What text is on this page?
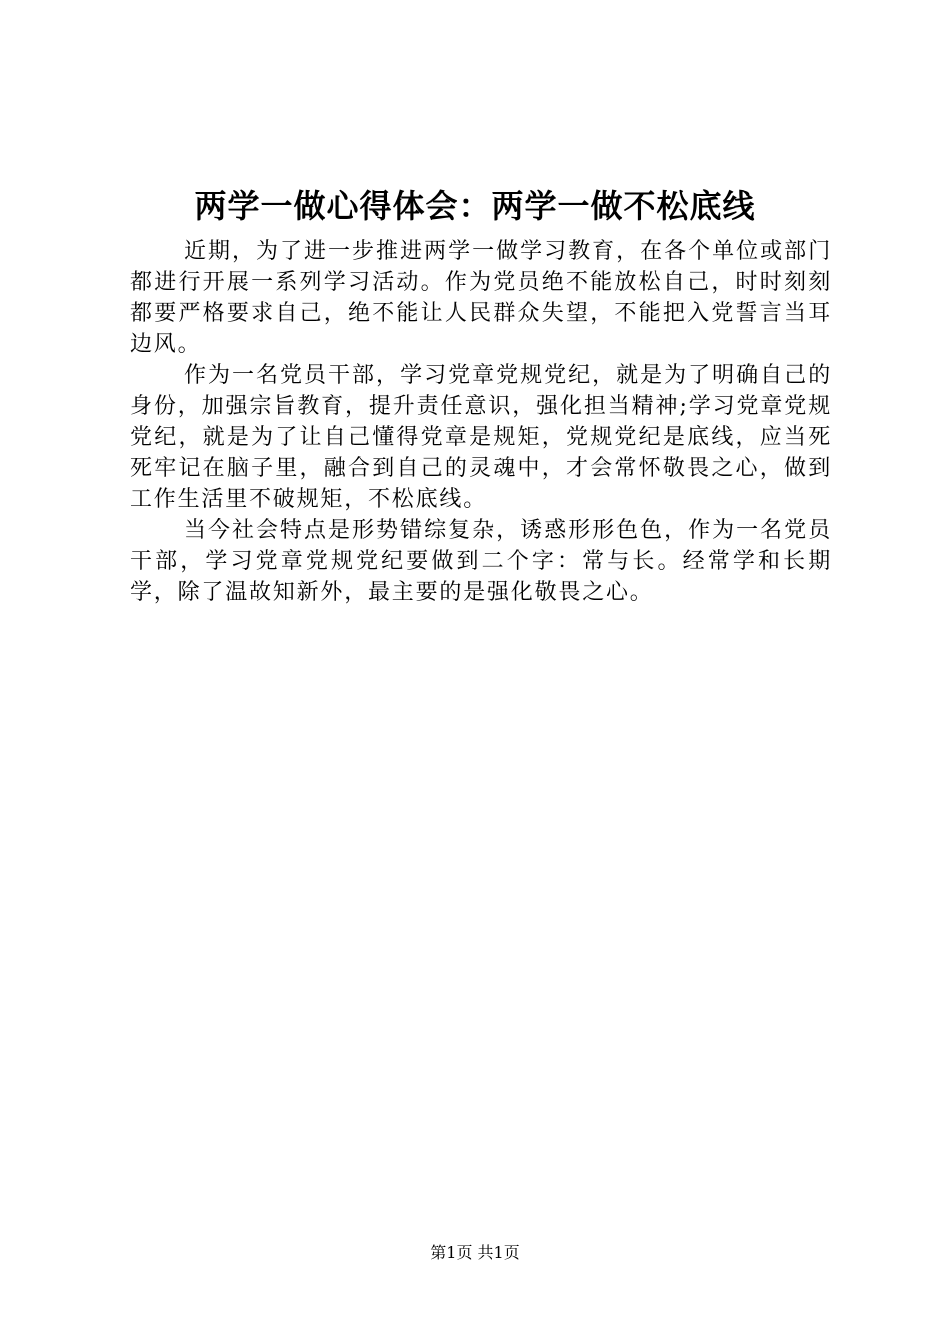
两学一做心得体会：两学一做不松底线

近期，为了进一步推进两学一做学习教育，在各个单位或部门都进行开展一系列学习活动。作为党员绝不能放松自己，时时刻刻都要严格要求自己，绝不能让人民群众失望，不能把入党誓言当耳边风。

作为一名党员干部，学习党章党规党纪，就是为了明确自己的身份，加强宗旨教育，提升责任意识，强化担当精神;学习党章党规党纪，就是为了让自己懂得党章是规矩，党规党纪是底线，应当死死牢记在脑子里，融合到自己的灵魂中，才会常怀敬畏之心，做到工作生活里不破规矩，不松底线。

当今社会特点是形势错综复杂，诱惑形形色色，作为一名党员干部，学习党章党规党纪要做到二个字：常与长。经常学和长期学，除了温故知新外，最主要的是强化敬畏之心。

第1页 共1页
